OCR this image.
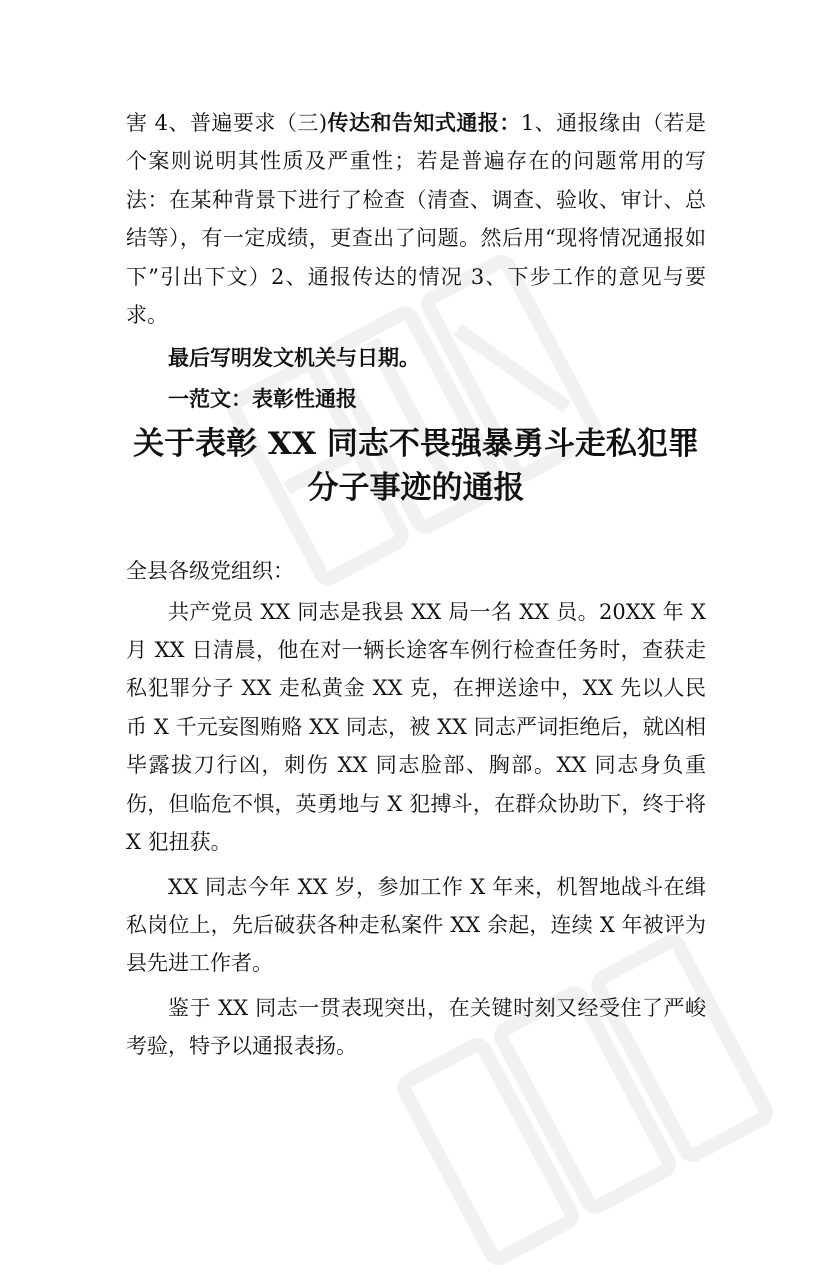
害 4、普遍要求（三)传达和告知式通报：1、通报缘由（若是个案则说明其性质及严重性；若是普遍存在的问题常用的写法：在某种背景下进行了检查（清查、调查、验收、审计、总结等），有一定成绩，更查出了问题。然后用“现将情况通报如下”引出下文）2、通报传达的情况 3、下步工作的意见与要求。

最后写明发文机关与日期。

一范文：表彰性通报

关于表彰 XX 同志不畏强暴勇斗走私犯罪
分子事迹的通报

全县各级党组织：

共产党员 XX 同志是我县 XX 局一名 XX 员。20XX 年 X 月 XX 日清晨，他在对一辆长途客车例行检查任务时，查获走私犯罪分子 XX 走私黄金 XX 克，在押送途中，XX 先以人民币 X 千元妄图贿赂 XX 同志，被 XX 同志严词拒绝后，就凶相毕露拔刀行凶，刺伤 XX 同志脸部、胸部。XX 同志身负重伤，但临危不惧，英勇地与 X 犯搏斗，在群众协助下，终于将 X 犯扭获。

XX 同志今年 XX 岁，参加工作 X 年来，机智地战斗在缉私岗位上，先后破获各种走私案件 XX 余起，连续 X 年被评为县先进工作者。

鉴于 XX 同志一贯表现突出，在关键时刻又经受住了严峻考验，特予以通报表扬。
